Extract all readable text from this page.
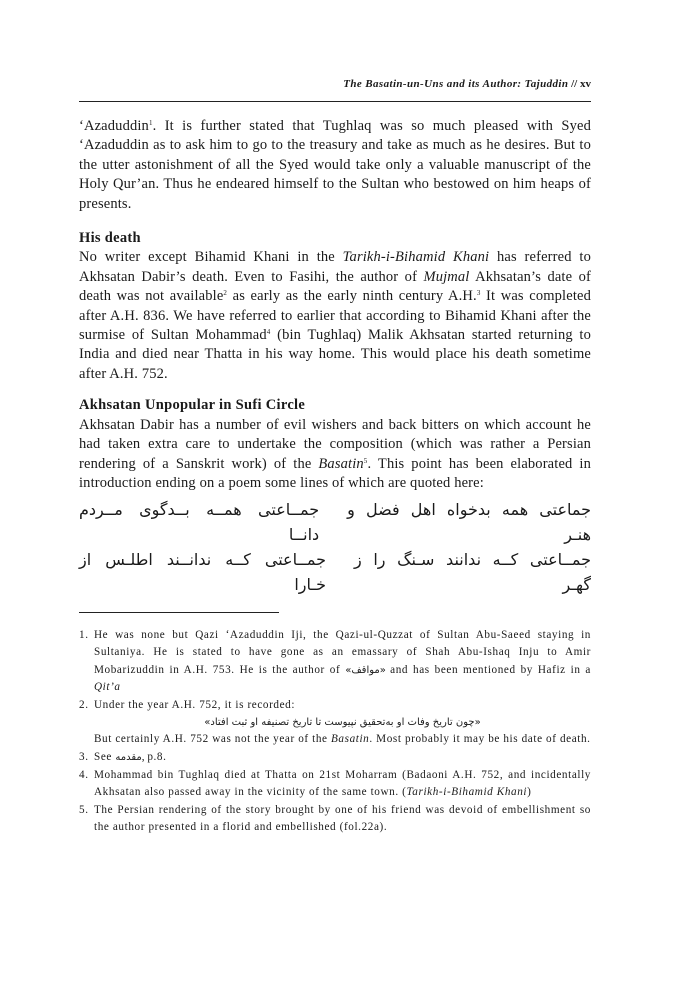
The Basatin-un-Uns and its Author: Tajuddin // xv

‘Azaduddin$^1$. It is further stated that Tughlaq was so much pleased with Syed ‘Azaduddin as to ask him to go to the treasury and take as much as he desires. But to the utter astonishment of all the Syed would take only a valuable manuscript of the Holy Qur’an. Thus he endeared himself to the Sultan who bestowed on him heaps of presents.

His death

No writer except Bihamid Khani in the Tarikh-i-Bihamid Khani has referred to Akhsatan Dabir’s death. Even to Fasihi, the author of Mujmal Akhsatan’s date of death was not available$^2$ as early as the early ninth century A.H.$^3$ It was completed after A.H. 836. We have referred to earlier that according to Bihamid Khani after the surmise of Sultan Mohammad$^4$ (bin Tughlaq) Malik Akhsatan started returning to India and died near Thatta in his way home. This would place his death sometime after A.H. 752.

Akhsatan Unpopular in Sufi Circle

Akhsatan Dabir has a number of evil wishers and back bitters on which account he had taken extra care to undertake the composition (which was rather a Persian rendering of a Sanskrit work) of the Basatin$^5$. This point has been elaborated in introduction ending on a poem some lines of which are quoted here:

جماعتی همه بدخواه اهل فضل و هنـر
جمــاعتی همــه بــدگوی مــردم دانــا
جمــاعتی کــه ندانند سـنگ را ز گهـر
جمــاعتی کــه ندانــند اطلـس از خـارا
1. He was none but Qazi ‘Azaduddin Iji, the Qazi-ul-Quzzat of Sultan Abu-Saeed staying in Sultaniya. He is stated to have gone as an emassary of Shah Abu-Ishaq Inju to Amir Mobarizuddin in A.H. 753. He is the author of «مواقف» and has been mentioned by Hafiz in a Qit’a
2. Under the year A.H. 752, it is recorded:
«چون تاریخ وفات او به‌تحقیق نپیوست تا تاریخ تصنیفه او ثبت افتاد»
But certainly A.H. 752 was not the year of the Basatin. Most probably it may be his date of death.
3. See مقدمه, p.8.
4. Mohammad bin Tughlaq died at Thatta on 21st Moharram (Badaoni A.H. 752, and incidentally Akhsatan also passed away in the vicinity of the same town. (Tarikh-i-Bihamid Khani)
5. The Persian rendering of the story brought by one of his friend was devoid of embellishment so the author presented in a florid and embellished (fol.22a).
